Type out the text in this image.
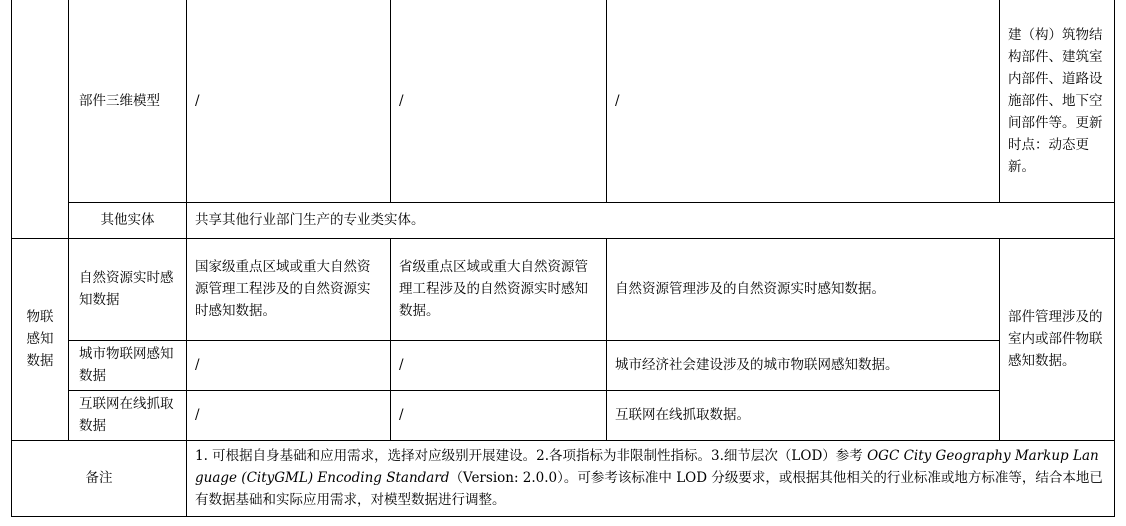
	部件三维模型	/	/	/	建（构）筑物结构部件、建筑室内部件、道路设施部件、地下空间部件等。更新时点：动态更新。
	其他实体	共享其他行业部门生产的专业类实体。			
物联感知数据	自然资源实时感知数据	国家级重点区域或重大自然资源管理工程涉及的自然资源实时感知数据。	省级重点区域或重大自然资源管理工程涉及的自然资源实时感知数据。	自然资源管理涉及的自然资源实时感知数据。	部件管理涉及的室内或部件物联感知数据。
	城市物联网感知数据	/	/	城市经济社会建设涉及的城市物联网感知数据。	
	互联网在线抓取数据	/	/	互联网在线抓取数据。	
备注		1. 可根据自身基础和应用需求，选择对应级别开展建设。2.各项指标为非限制性指标。3.细节层次（LOD）参考 OGC City Geography Markup Language (CityGML) Encoding Standard（Version: 2.0.0）。可参考该标准中 LOD 分级要求，或根据其他相关的行业标准或地方标准等，结合本地已有数据基础和实际应用需求，对模型数据进行调整。			
